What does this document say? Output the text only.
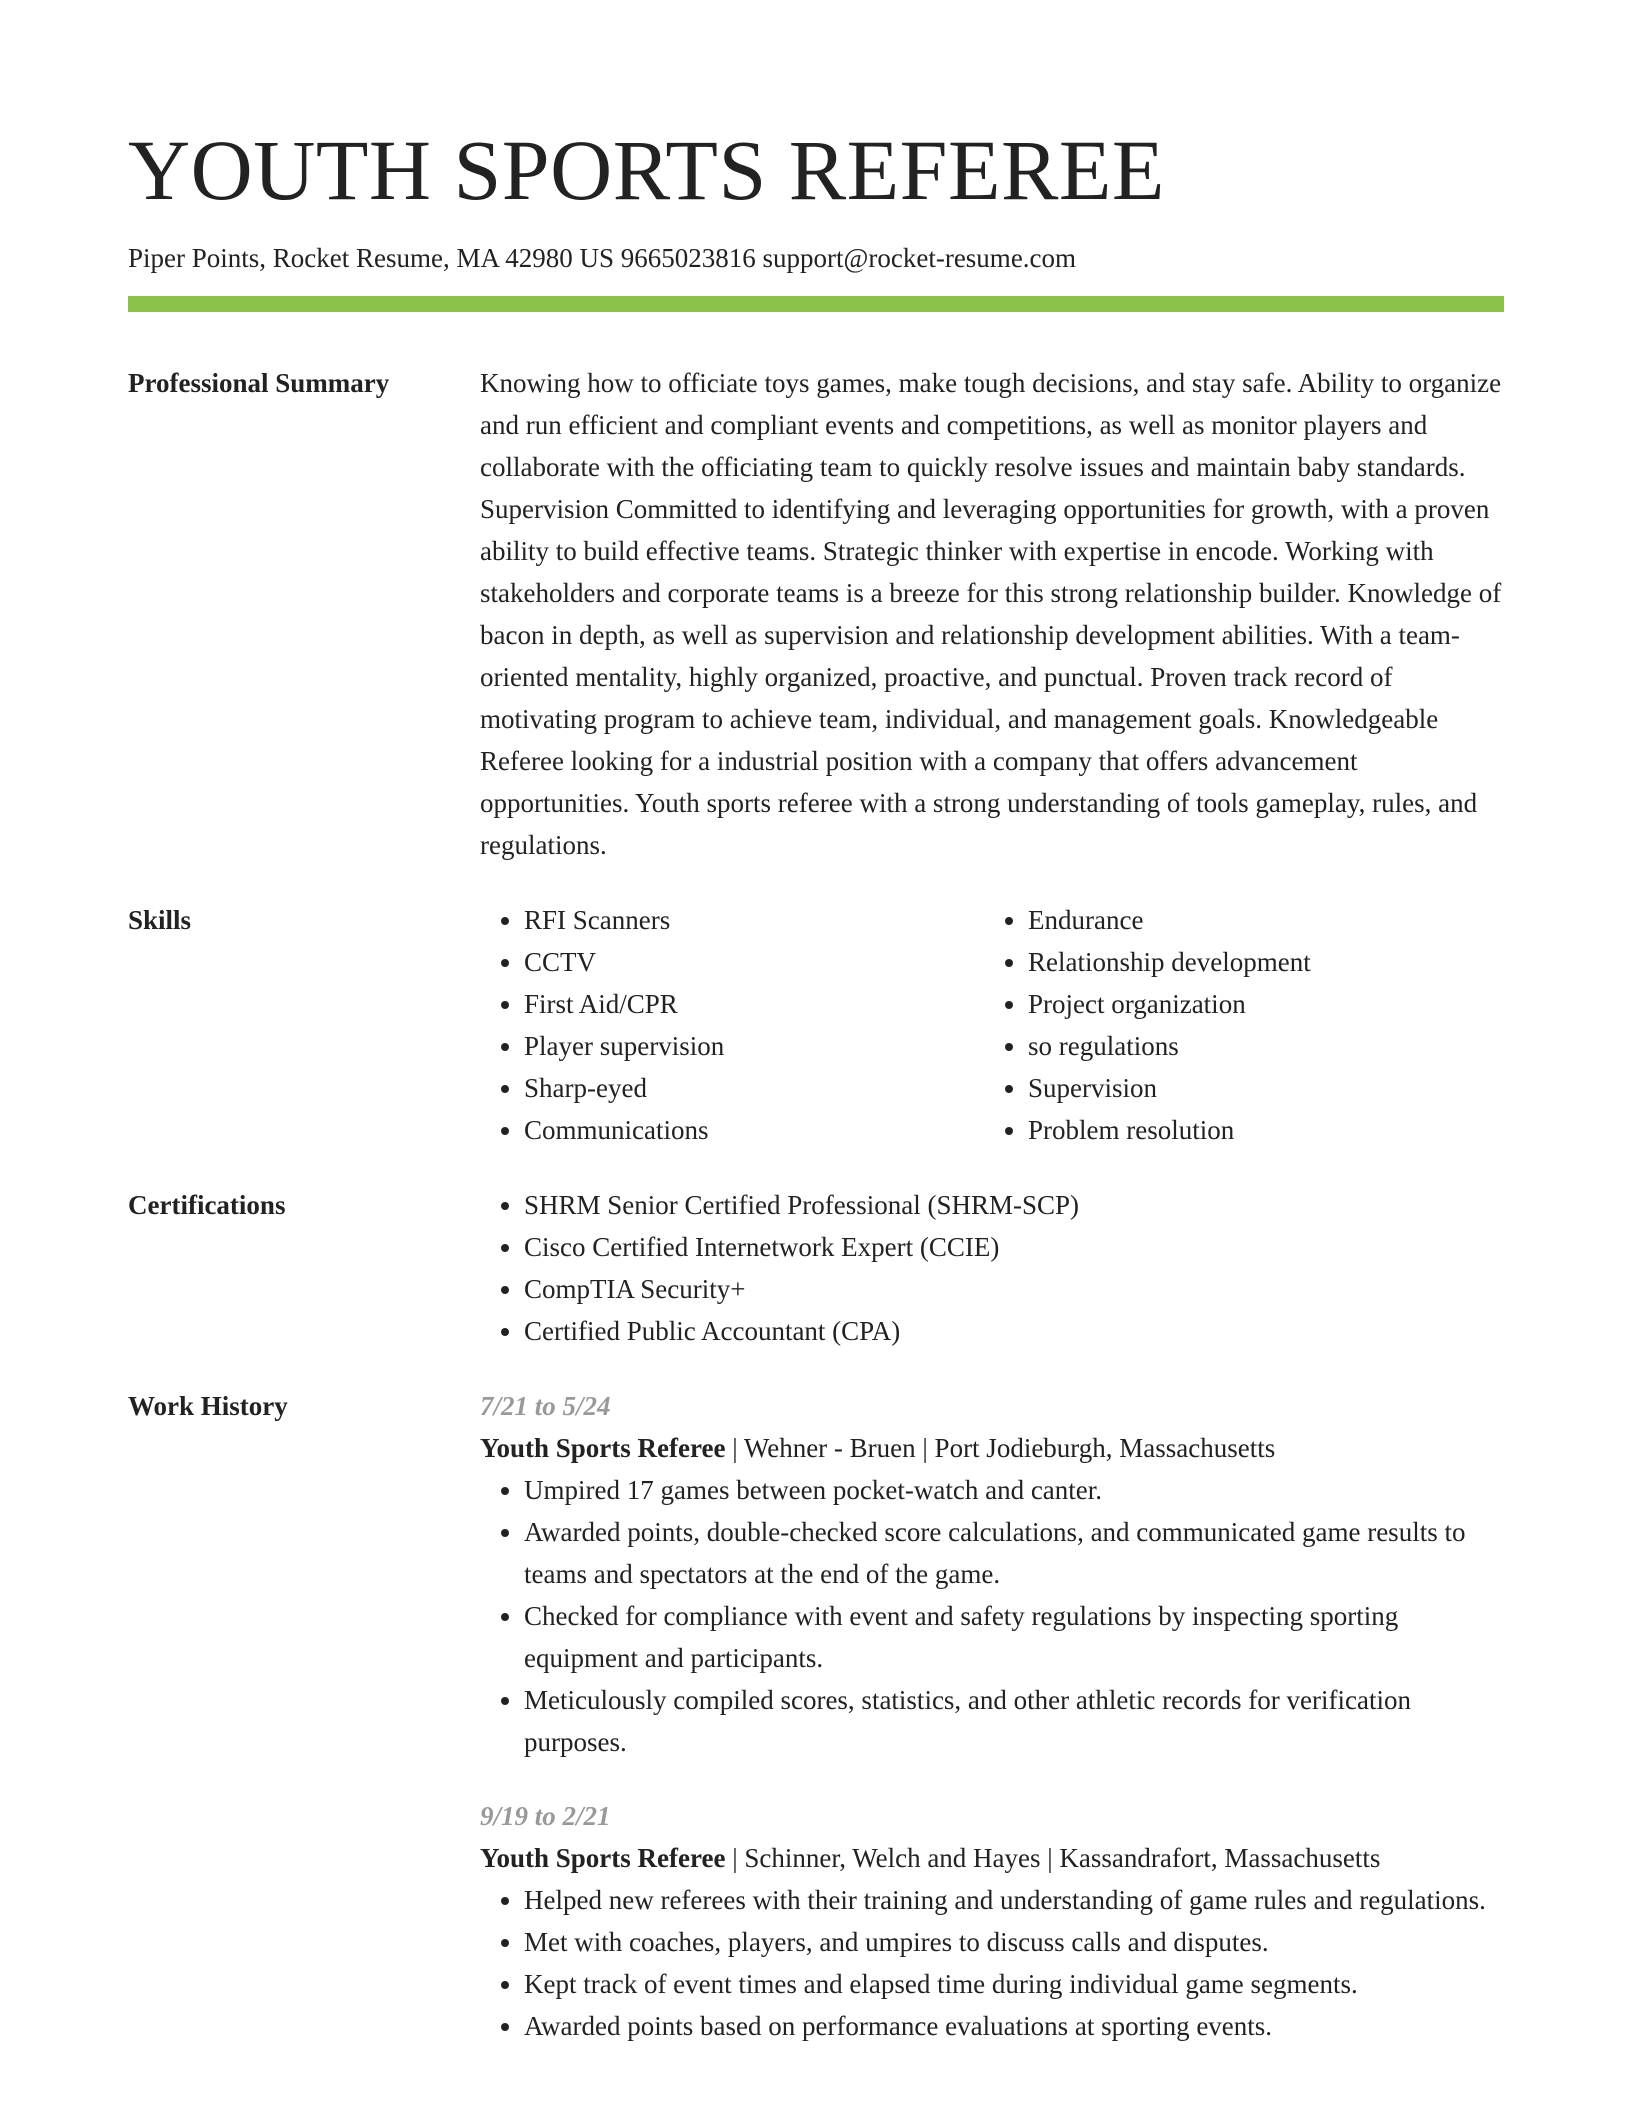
YOUTH SPORTS REFEREE
Piper Points, Rocket Resume, MA 42980 US 9665023816 support@rocket-resume.com
Professional Summary	Knowing how to officiate toys games, make tough decisions, and stay safe. Ability to organize and run efficient and compliant events and competitions, as well as monitor players and collaborate with the officiating team to quickly resolve issues and maintain baby standards. Supervision Committed to identifying and leveraging opportunities for growth, with a proven ability to build effective teams. Strategic thinker with expertise in encode. Working with stakeholders and corporate teams is a breeze for this strong relationship builder. Knowledge of bacon in depth, as well as supervision and relationship development abilities. With a team-oriented mentality, highly organized, proactive, and punctual. Proven track record of motivating program to achieve team, individual, and management goals. Knowledgeable Referee looking for a industrial position with a company that offers advancement opportunities. Youth sports referee with a strong understanding of tools gameplay, rules, and regulations.
Skills	• RFI Scanners
• CCTV
• First Aid/CPR
• Player supervision
• Sharp-eyed
• Communications
• Endurance
• Relationship development
• Project organization
• so regulations
• Supervision
• Problem resolution
Certifications	• SHRM Senior Certified Professional (SHRM-SCP)
• Cisco Certified Internetwork Expert (CCIE)
• CompTIA Security+
• Certified Public Accountant (CPA)
Work History	7/21 to 5/24
Youth Sports Referee | Wehner - Bruen | Port Jodieburgh, Massachusetts
• Umpired 17 games between pocket-watch and canter.
• Awarded points, double-checked score calculations, and communicated game results to teams and spectators at the end of the game.
• Checked for compliance with event and safety regulations by inspecting sporting equipment and participants.
• Meticulously compiled scores, statistics, and other athletic records for verification purposes.
9/19 to 2/21
Youth Sports Referee | Schinner, Welch and Hayes | Kassandrafort, Massachusetts
• Helped new referees with their training and understanding of game rules and regulations.
• Met with coaches, players, and umpires to discuss calls and disputes.
• Kept track of event times and elapsed time during individual game segments.
• Awarded points based on performance evaluations at sporting events.
